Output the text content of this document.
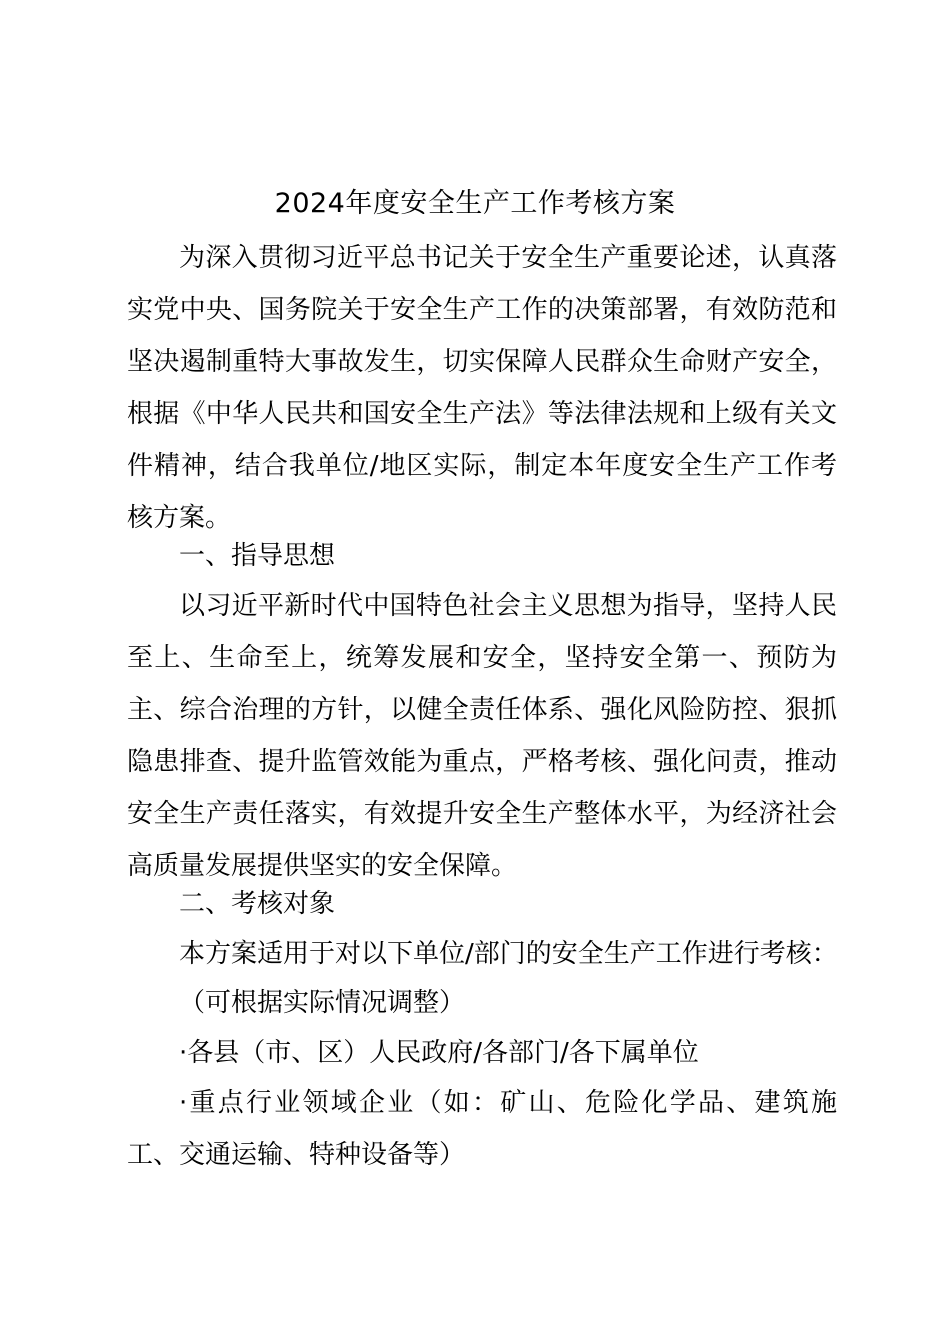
2024年度安全生产工作考核方案

为深入贯彻习近平总书记关于安全生产重要论述，认真落实党中央、国务院关于安全生产工作的决策部署，有效防范和坚决遏制重特大事故发生，切实保障人民群众生命财产安全，根据《中华人民共和国安全生产法》等法律法规和上级有关文件精神，结合我单位/地区实际，制定本年度安全生产工作考核方案。

一、指导思想

以习近平新时代中国特色社会主义思想为指导，坚持人民至上、生命至上，统筹发展和安全，坚持安全第一、预防为主、综合治理的方针，以健全责任体系、强化风险防控、狠抓隐患排查、提升监管效能为重点，严格考核、强化问责，推动安全生产责任落实，有效提升安全生产整体水平，为经济社会高质量发展提供坚实的安全保障。

二、考核对象

本方案适用于对以下单位/部门的安全生产工作进行考核：

（可根据实际情况调整）

·各县（市、区）人民政府/各部门/各下属单位

·重点行业领域企业（如：矿山、危险化学品、建筑施工、交通运输、特种设备等）
